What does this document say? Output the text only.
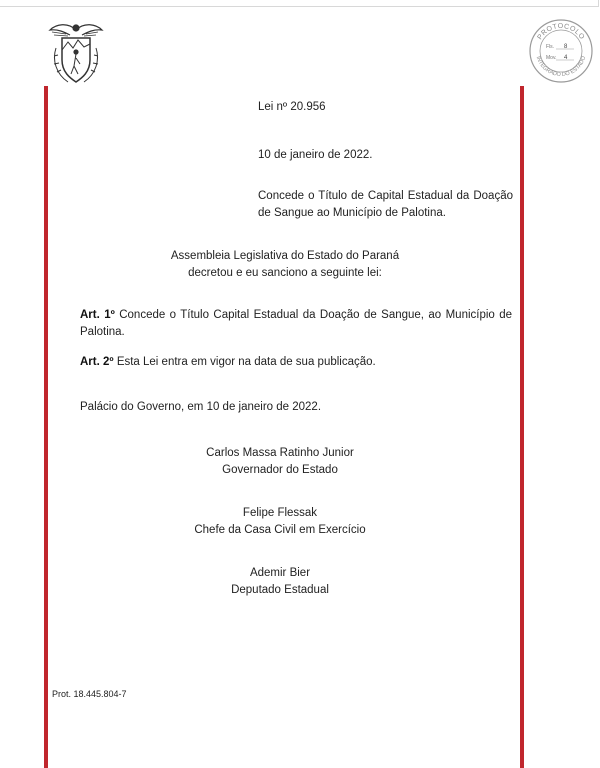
PROTOCOLO
INTEGRADO DO ESTADO
Fls. 8
Mov. 4
Lei nº 20.956
10 de janeiro de 2022.
Concede o Título de Capital Estadual da Doação de Sangue ao Município de Palotina.
Assembleia Legislativa do Estado do Paraná
decretou e eu sanciono a seguinte lei:
Art. 1º Concede o Título Capital Estadual da Doação de Sangue, ao Município de Palotina.
Art. 2º Esta Lei entra em vigor na data de sua publicação.
Palácio do Governo, em 10 de janeiro de 2022.
Carlos Massa Ratinho Junior
Governador do Estado
Felipe Flessak
Chefe da Casa Civil em Exercício
Ademir Bier
Deputado Estadual
Prot. 18.445.804-7
